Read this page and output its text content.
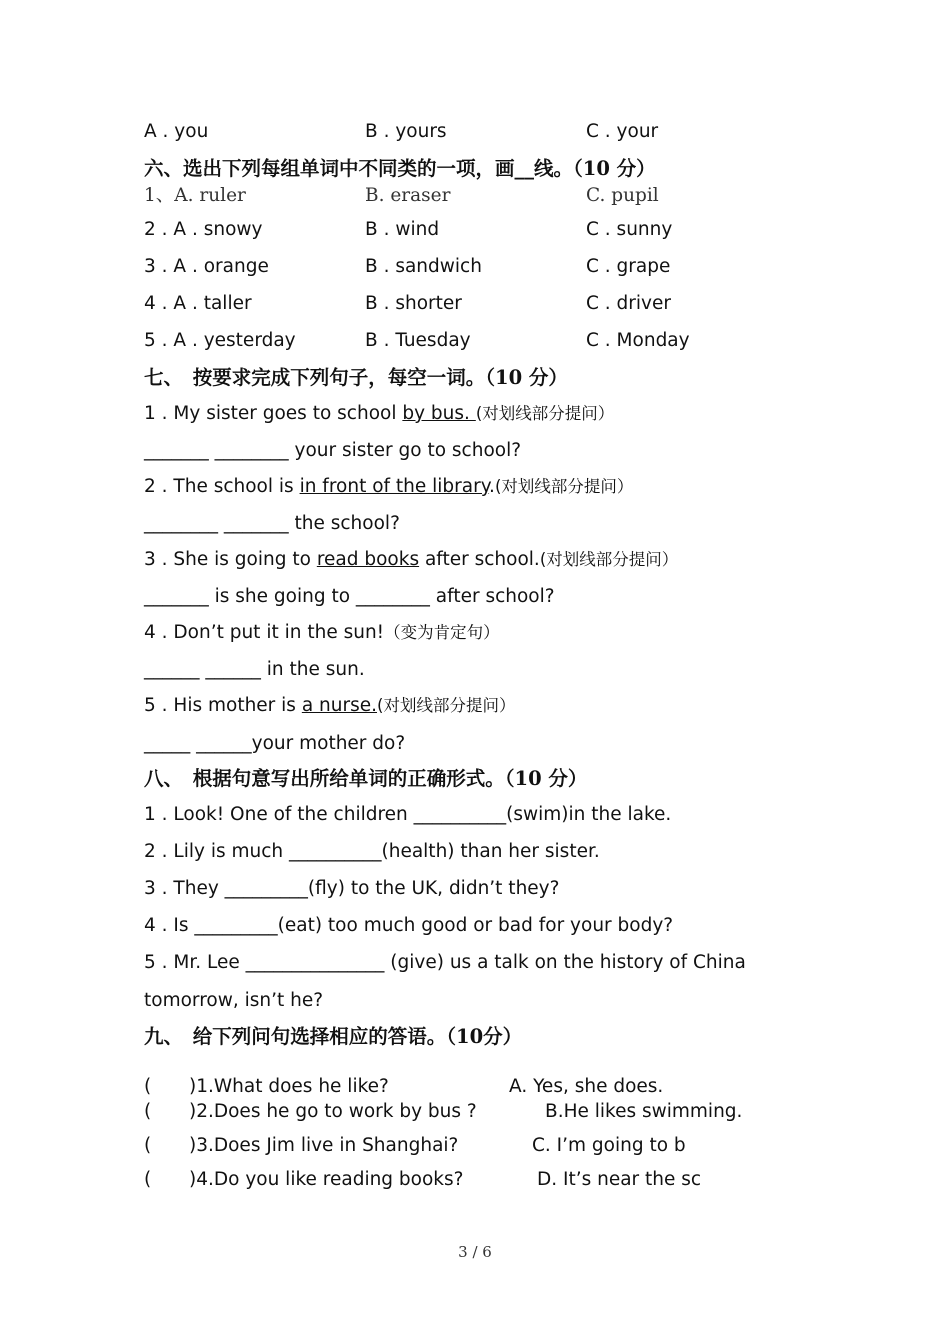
A . you	B . yours	C . your
六、选出下列每组单词中不同类的一项，画__线。（10 分）
1、A. ruler	B. eraser	C. pupil
2 . A . snowy	B . wind	C . sunny
3 . A . orange	B . sandwich	C . grape
4 . A . taller	B . shorter	C . driver
5 . A . yesterday	B . Tuesday	C . Monday
七、　按要求完成下列句子，每空一词。（10 分）
1 . My sister goes to school by bus. (对划线部分提问）
_______ ________ your sister go to school?
2 . The school is in front of the library.(对划线部分提问）
________ _______ the school?
3 . She is going to read books after school.(对划线部分提问）
_______ is she going to ________ after school?
4 . Don’t put it in the sun!（变为肯定句）
______ ______ in the sun.
5 . His mother is a nurse.(对划线部分提问）
_____ ______your mother do?
八、　根据句意写出所给单词的正确形式。（10 分）
1 . Look! One of the children __________(swim)in the lake.
2 . Lily is much __________(health) than her sister.
3 . They _________(fly) to the UK, didn’t they?
4 . Is _________(eat) too much good or bad for your body?
5 . Mr. Lee _______________ (give) us a talk on the history of China
tomorrow, isn’t he?
九、　给下列问句选择相应的答语。（10分）
( )1.What does he like?	A. Yes, she does.
( )2.Does he go to work by bus ?	B.He likes swimming.
( )3.Does Jim live in Shanghai?	C. I’m going to b
( )4.Do you like reading books?	D. It’s near the sc
3 / 6
